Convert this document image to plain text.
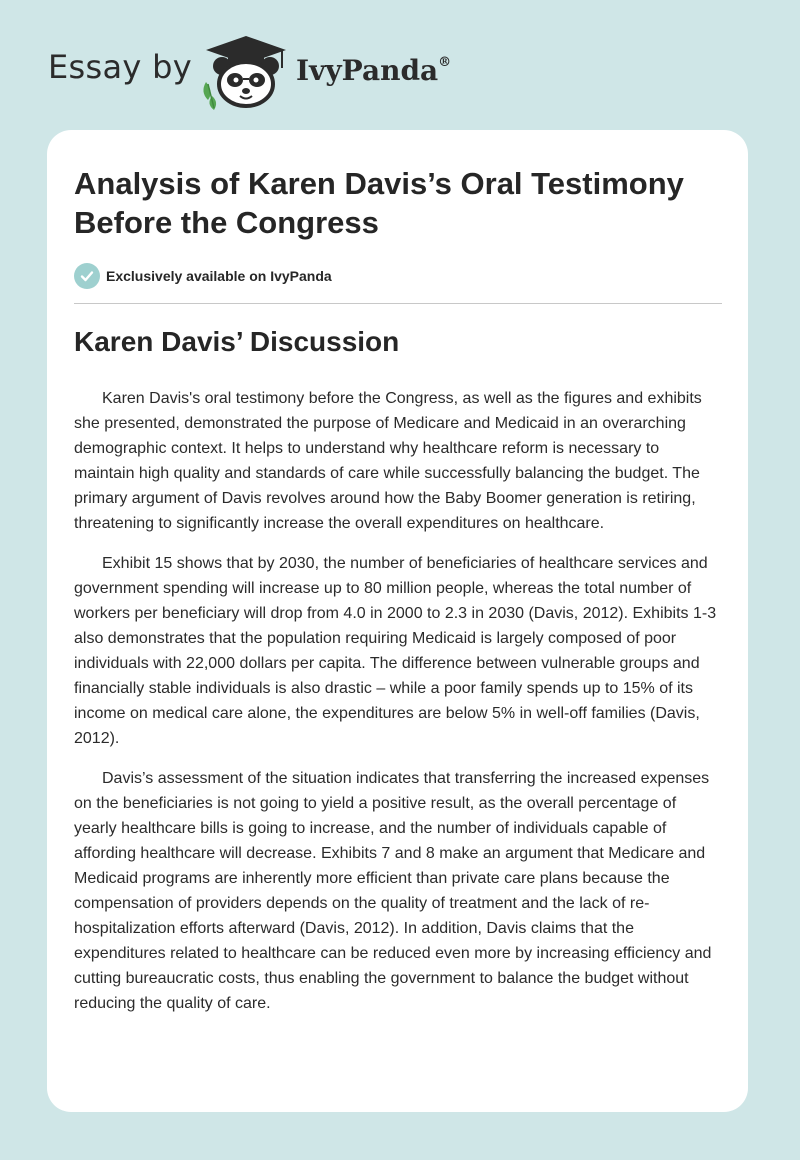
Essay by	IvyPanda®
Analysis of Karen Davis’s Oral Testimony Before the Congress
Exclusively available on IvyPanda
Karen Davis’ Discussion

Karen Davis's oral testimony before the Congress, as well as the figures and exhibits she presented, demonstrated the purpose of Medicare and Medicaid in an overarching demographic context. It helps to understand why healthcare reform is necessary to maintain high quality and standards of care while successfully balancing the budget. The primary argument of Davis revolves around how the Baby Boomer generation is retiring, threatening to significantly increase the overall expenditures on healthcare.

Exhibit 15 shows that by 2030, the number of beneficiaries of healthcare services and government spending will increase up to 80 million people, whereas the total number of workers per beneficiary will drop from 4.0 in 2000 to 2.3 in 2030 (Davis, 2012). Exhibits 1-3 also demonstrates that the population requiring Medicaid is largely composed of poor individuals with 22,000 dollars per capita. The difference between vulnerable groups and financially stable individuals is also drastic – while a poor family spends up to 15% of its income on medical care alone, the expenditures are below 5% in well-off families (Davis, 2012).

Davis’s assessment of the situation indicates that transferring the increased expenses on the beneficiaries is not going to yield a positive result, as the overall percentage of yearly healthcare bills is going to increase, and the number of individuals capable of affording healthcare will decrease. Exhibits 7 and 8 make an argument that Medicare and Medicaid programs are inherently more efficient than private care plans because the compensation of providers depends on the quality of treatment and the lack of re-hospitalization efforts afterward (Davis, 2012). In addition, Davis claims that the expenditures related to healthcare can be reduced even more by increasing efficiency and cutting bureaucratic costs, thus enabling the government to balance the budget without reducing the quality of care.
